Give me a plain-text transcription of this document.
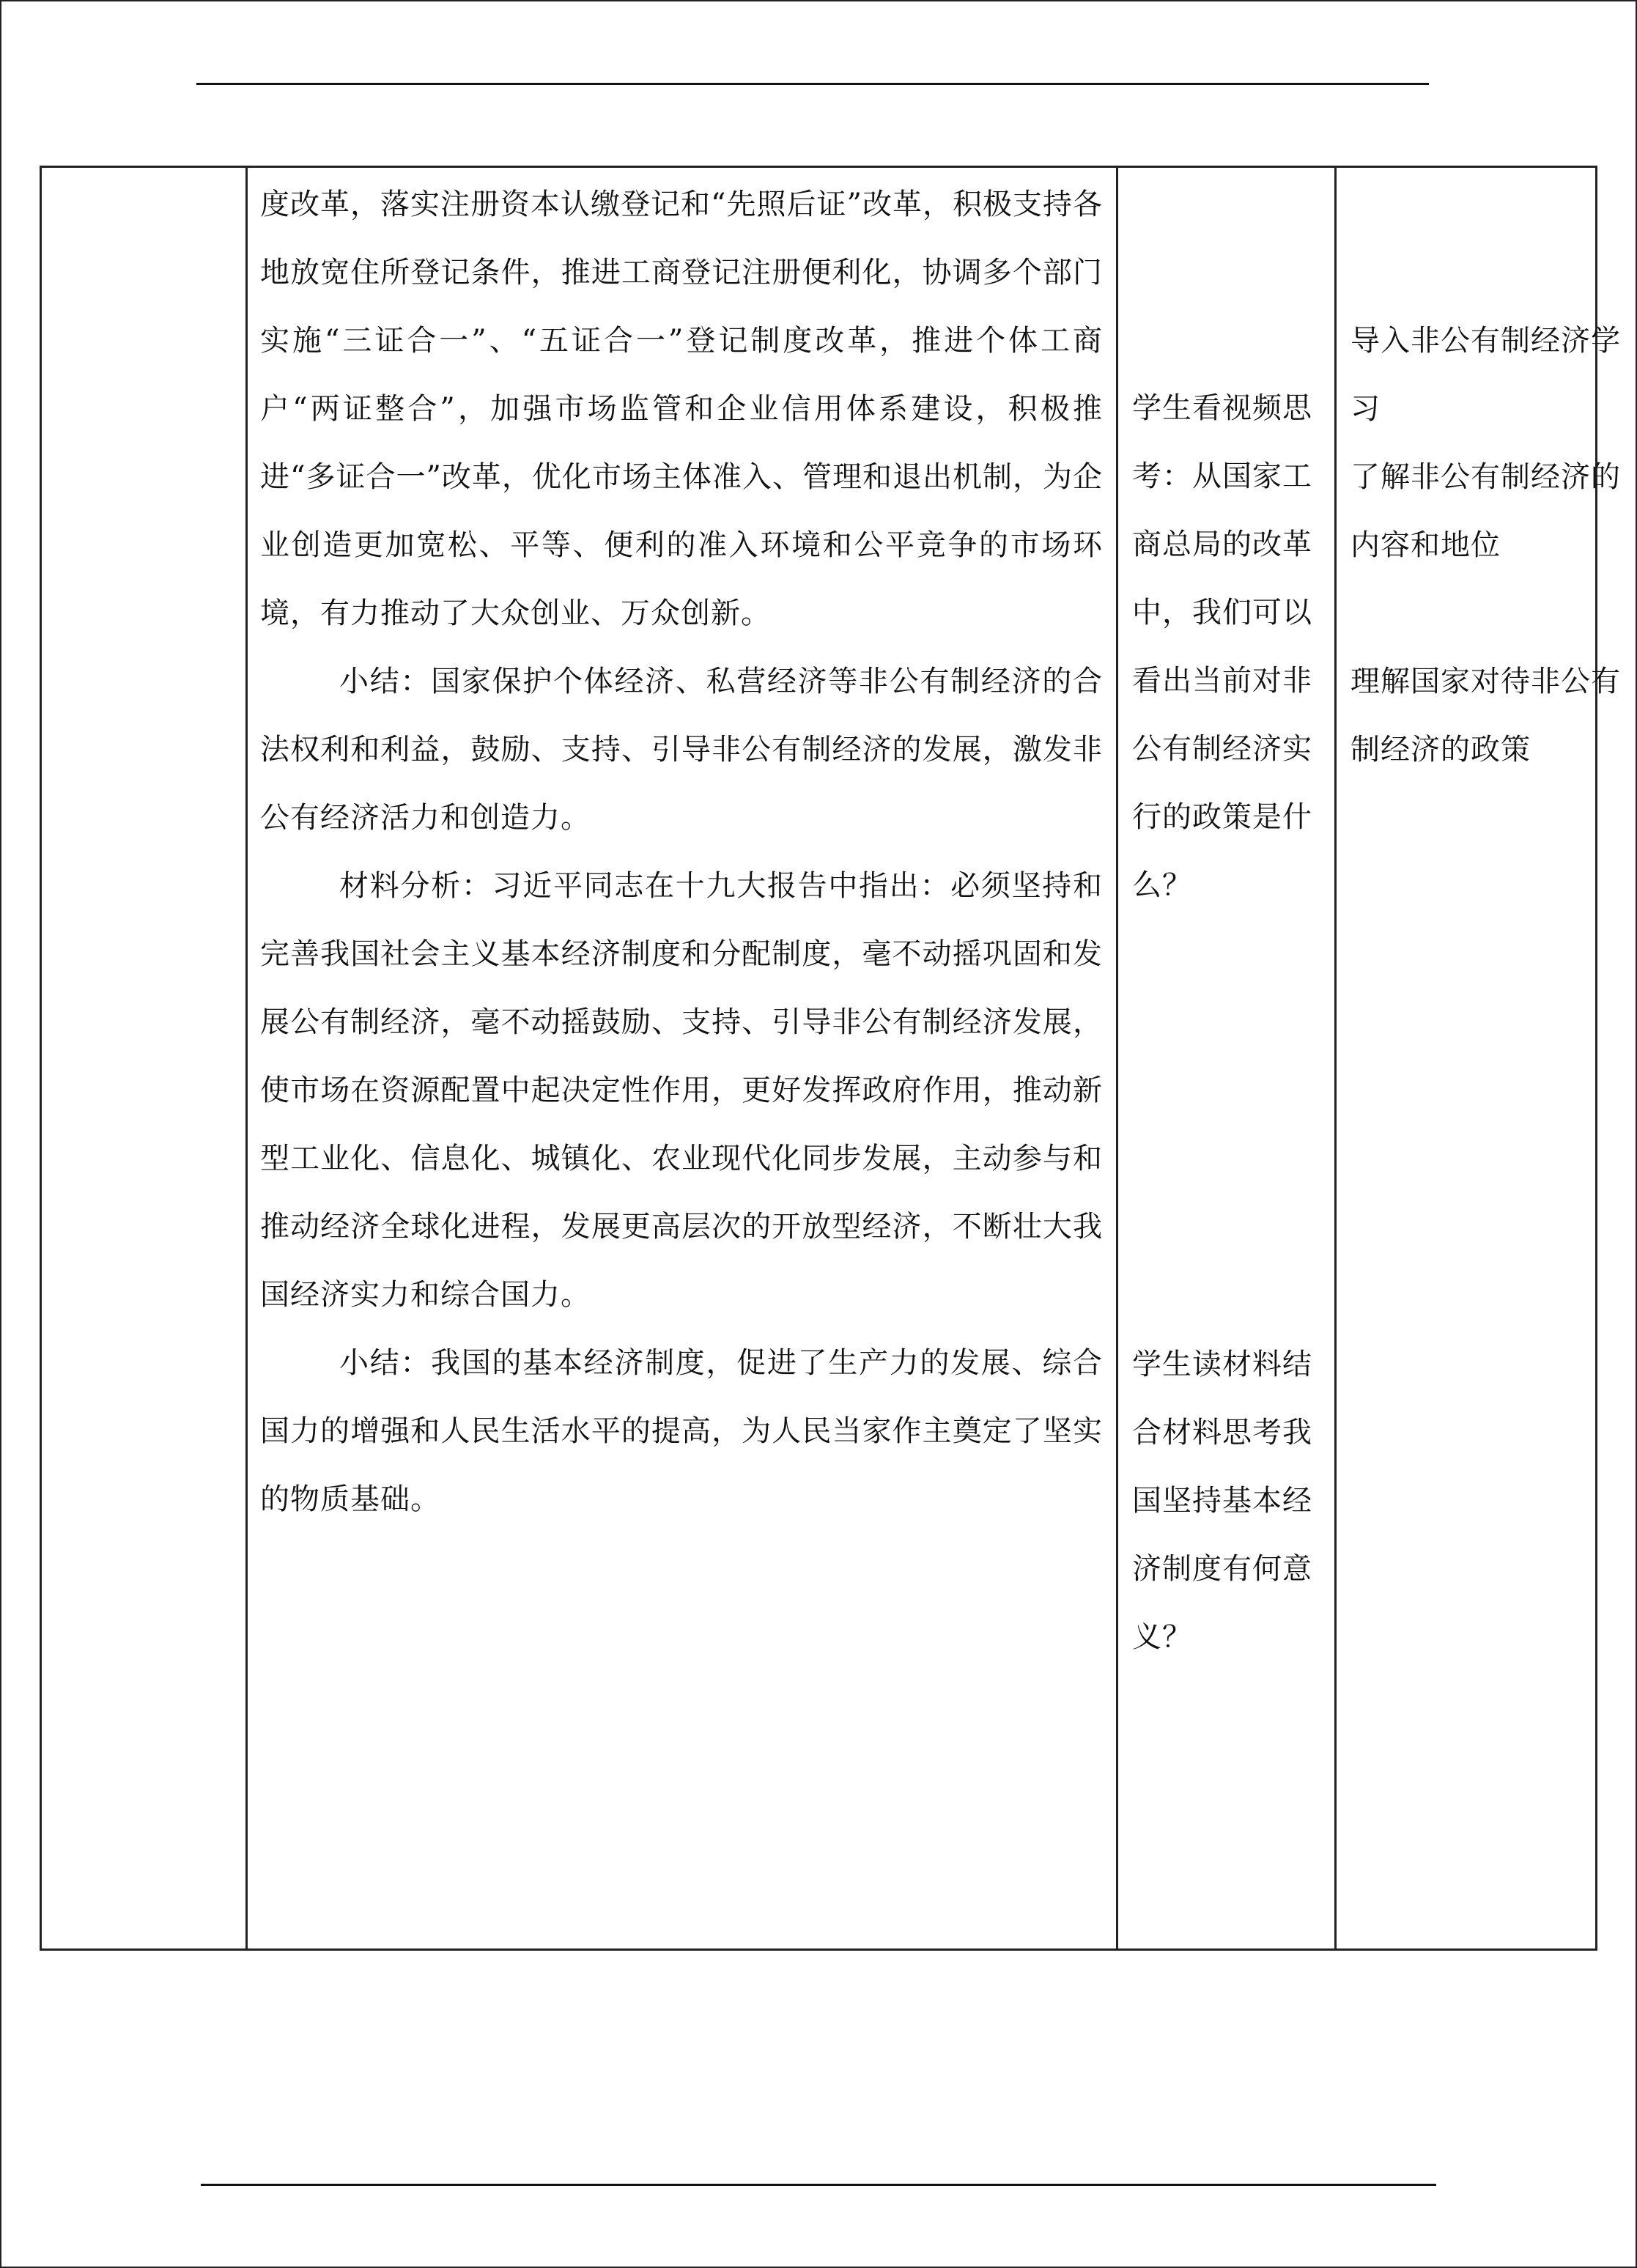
度改革，落实注册资本认缴登记和“先照后证”改革，积极支持各地放宽住所登记条件，推进工商登记注册便利化，协调多个部门实施“三证合一”、“五证合一”登记制度改革，推进个体工商户“两证整合”，加强市场监管和企业信用体系建设，积极推进“多证合一”改革，优化市场主体准入、管理和退出机制，为企业创造更加宽松、平等、便利的准入环境和公平竞争的市场环境，有力推动了大众创业、万众创新。

小结：国家保护个体经济、私营经济等非公有制经济的合法权利和利益，鼓励、支持、引导非公有制经济的发展，激发非公有经济活力和创造力。

材料分析：习近平同志在十九大报告中指出：必须坚持和完善我国社会主义基本经济制度和分配制度，毫不动摇巩固和发展公有制经济，毫不动摇鼓励、支持、引导非公有制经济发展，使市场在资源配置中起决定性作用，更好发挥政府作用，推动新型工业化、信息化、城镇化、农业现代化同步发展，主动参与和推动经济全球化进程，发展更高层次的开放型经济，不断壮大我国经济实力和综合国力。

小结：我国的基本经济制度，促进了生产力的发展、综合国力的增强和人民生活水平的提高，为人民当家作主奠定了坚实的物质基础。

学生看视频思考：从国家工商总局的改革中，我们可以看出当前对非公有制经济实行的政策是什么？
学生读材料结合材料思考我国坚持基本经济制度有何意义？
导入非公有制经济学习
了解非公有制经济的内容和地位
理解国家对待非公有制经济的政策
